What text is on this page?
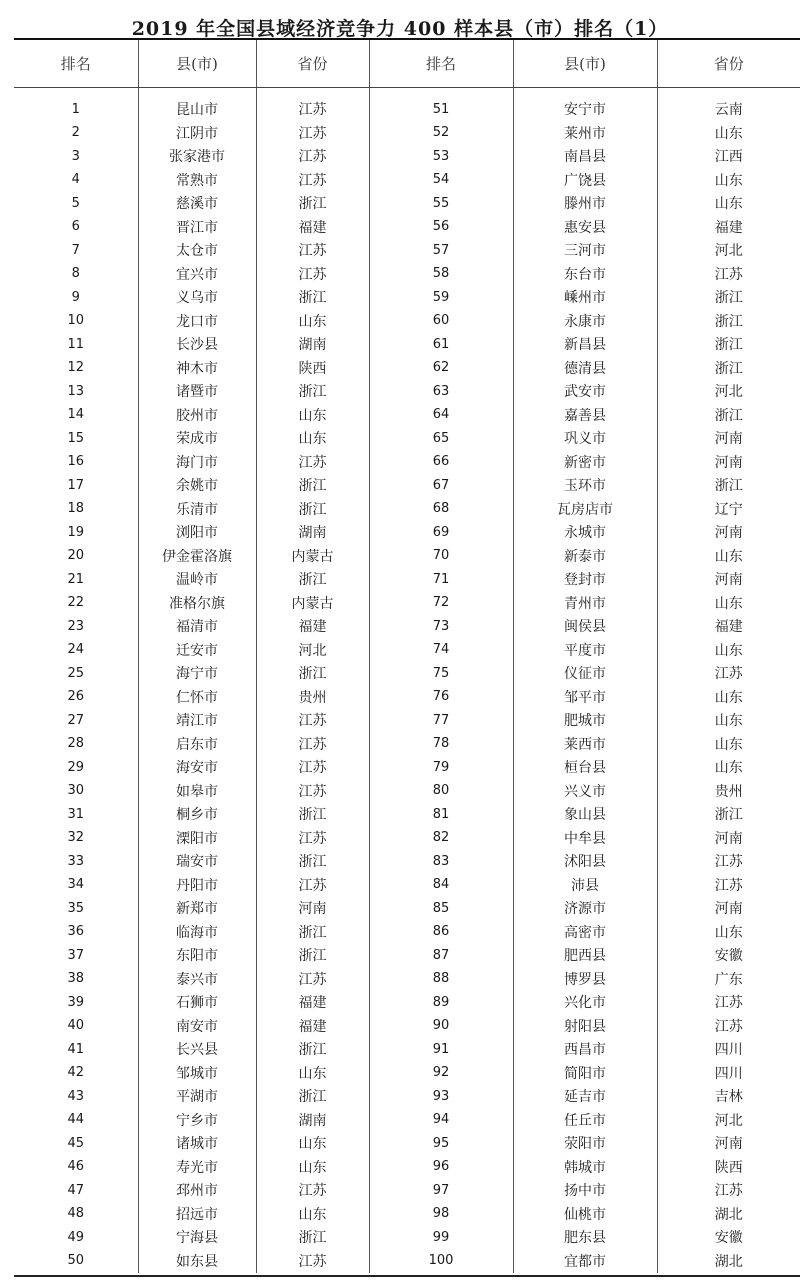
2019 年全国县域经济竞争力 400 样本县（市）排名（1）
排名	县(市)	省份	排名	县(市)	省份
1	昆山市	江苏	51	安宁市	云南
2	江阴市	江苏	52	莱州市	山东
3	张家港市	江苏	53	南昌县	江西
4	常熟市	江苏	54	广饶县	山东
5	慈溪市	浙江	55	滕州市	山东
6	晋江市	福建	56	惠安县	福建
7	太仓市	江苏	57	三河市	河北
8	宜兴市	江苏	58	东台市	江苏
9	义乌市	浙江	59	嵊州市	浙江
10	龙口市	山东	60	永康市	浙江
11	长沙县	湖南	61	新昌县	浙江
12	神木市	陕西	62	德清县	浙江
13	诸暨市	浙江	63	武安市	河北
14	胶州市	山东	64	嘉善县	浙江
15	荣成市	山东	65	巩义市	河南
16	海门市	江苏	66	新密市	河南
17	余姚市	浙江	67	玉环市	浙江
18	乐清市	浙江	68	瓦房店市	辽宁
19	浏阳市	湖南	69	永城市	河南
20	伊金霍洛旗	内蒙古	70	新泰市	山东
21	温岭市	浙江	71	登封市	河南
22	准格尔旗	内蒙古	72	青州市	山东
23	福清市	福建	73	闽侯县	福建
24	迁安市	河北	74	平度市	山东
25	海宁市	浙江	75	仪征市	江苏
26	仁怀市	贵州	76	邹平市	山东
27	靖江市	江苏	77	肥城市	山东
28	启东市	江苏	78	莱西市	山东
29	海安市	江苏	79	桓台县	山东
30	如皋市	江苏	80	兴义市	贵州
31	桐乡市	浙江	81	象山县	浙江
32	溧阳市	江苏	82	中牟县	河南
33	瑞安市	浙江	83	沭阳县	江苏
34	丹阳市	江苏	84	沛县	江苏
35	新郑市	河南	85	济源市	河南
36	临海市	浙江	86	高密市	山东
37	东阳市	浙江	87	肥西县	安徽
38	泰兴市	江苏	88	博罗县	广东
39	石狮市	福建	89	兴化市	江苏
40	南安市	福建	90	射阳县	江苏
41	长兴县	浙江	91	西昌市	四川
42	邹城市	山东	92	简阳市	四川
43	平湖市	浙江	93	延吉市	吉林
44	宁乡市	湖南	94	任丘市	河北
45	诸城市	山东	95	荥阳市	河南
46	寿光市	山东	96	韩城市	陕西
47	邳州市	江苏	97	扬中市	江苏
48	招远市	山东	98	仙桃市	湖北
49	宁海县	浙江	99	肥东县	安徽
50	如东县	江苏	100	宜都市	湖北
